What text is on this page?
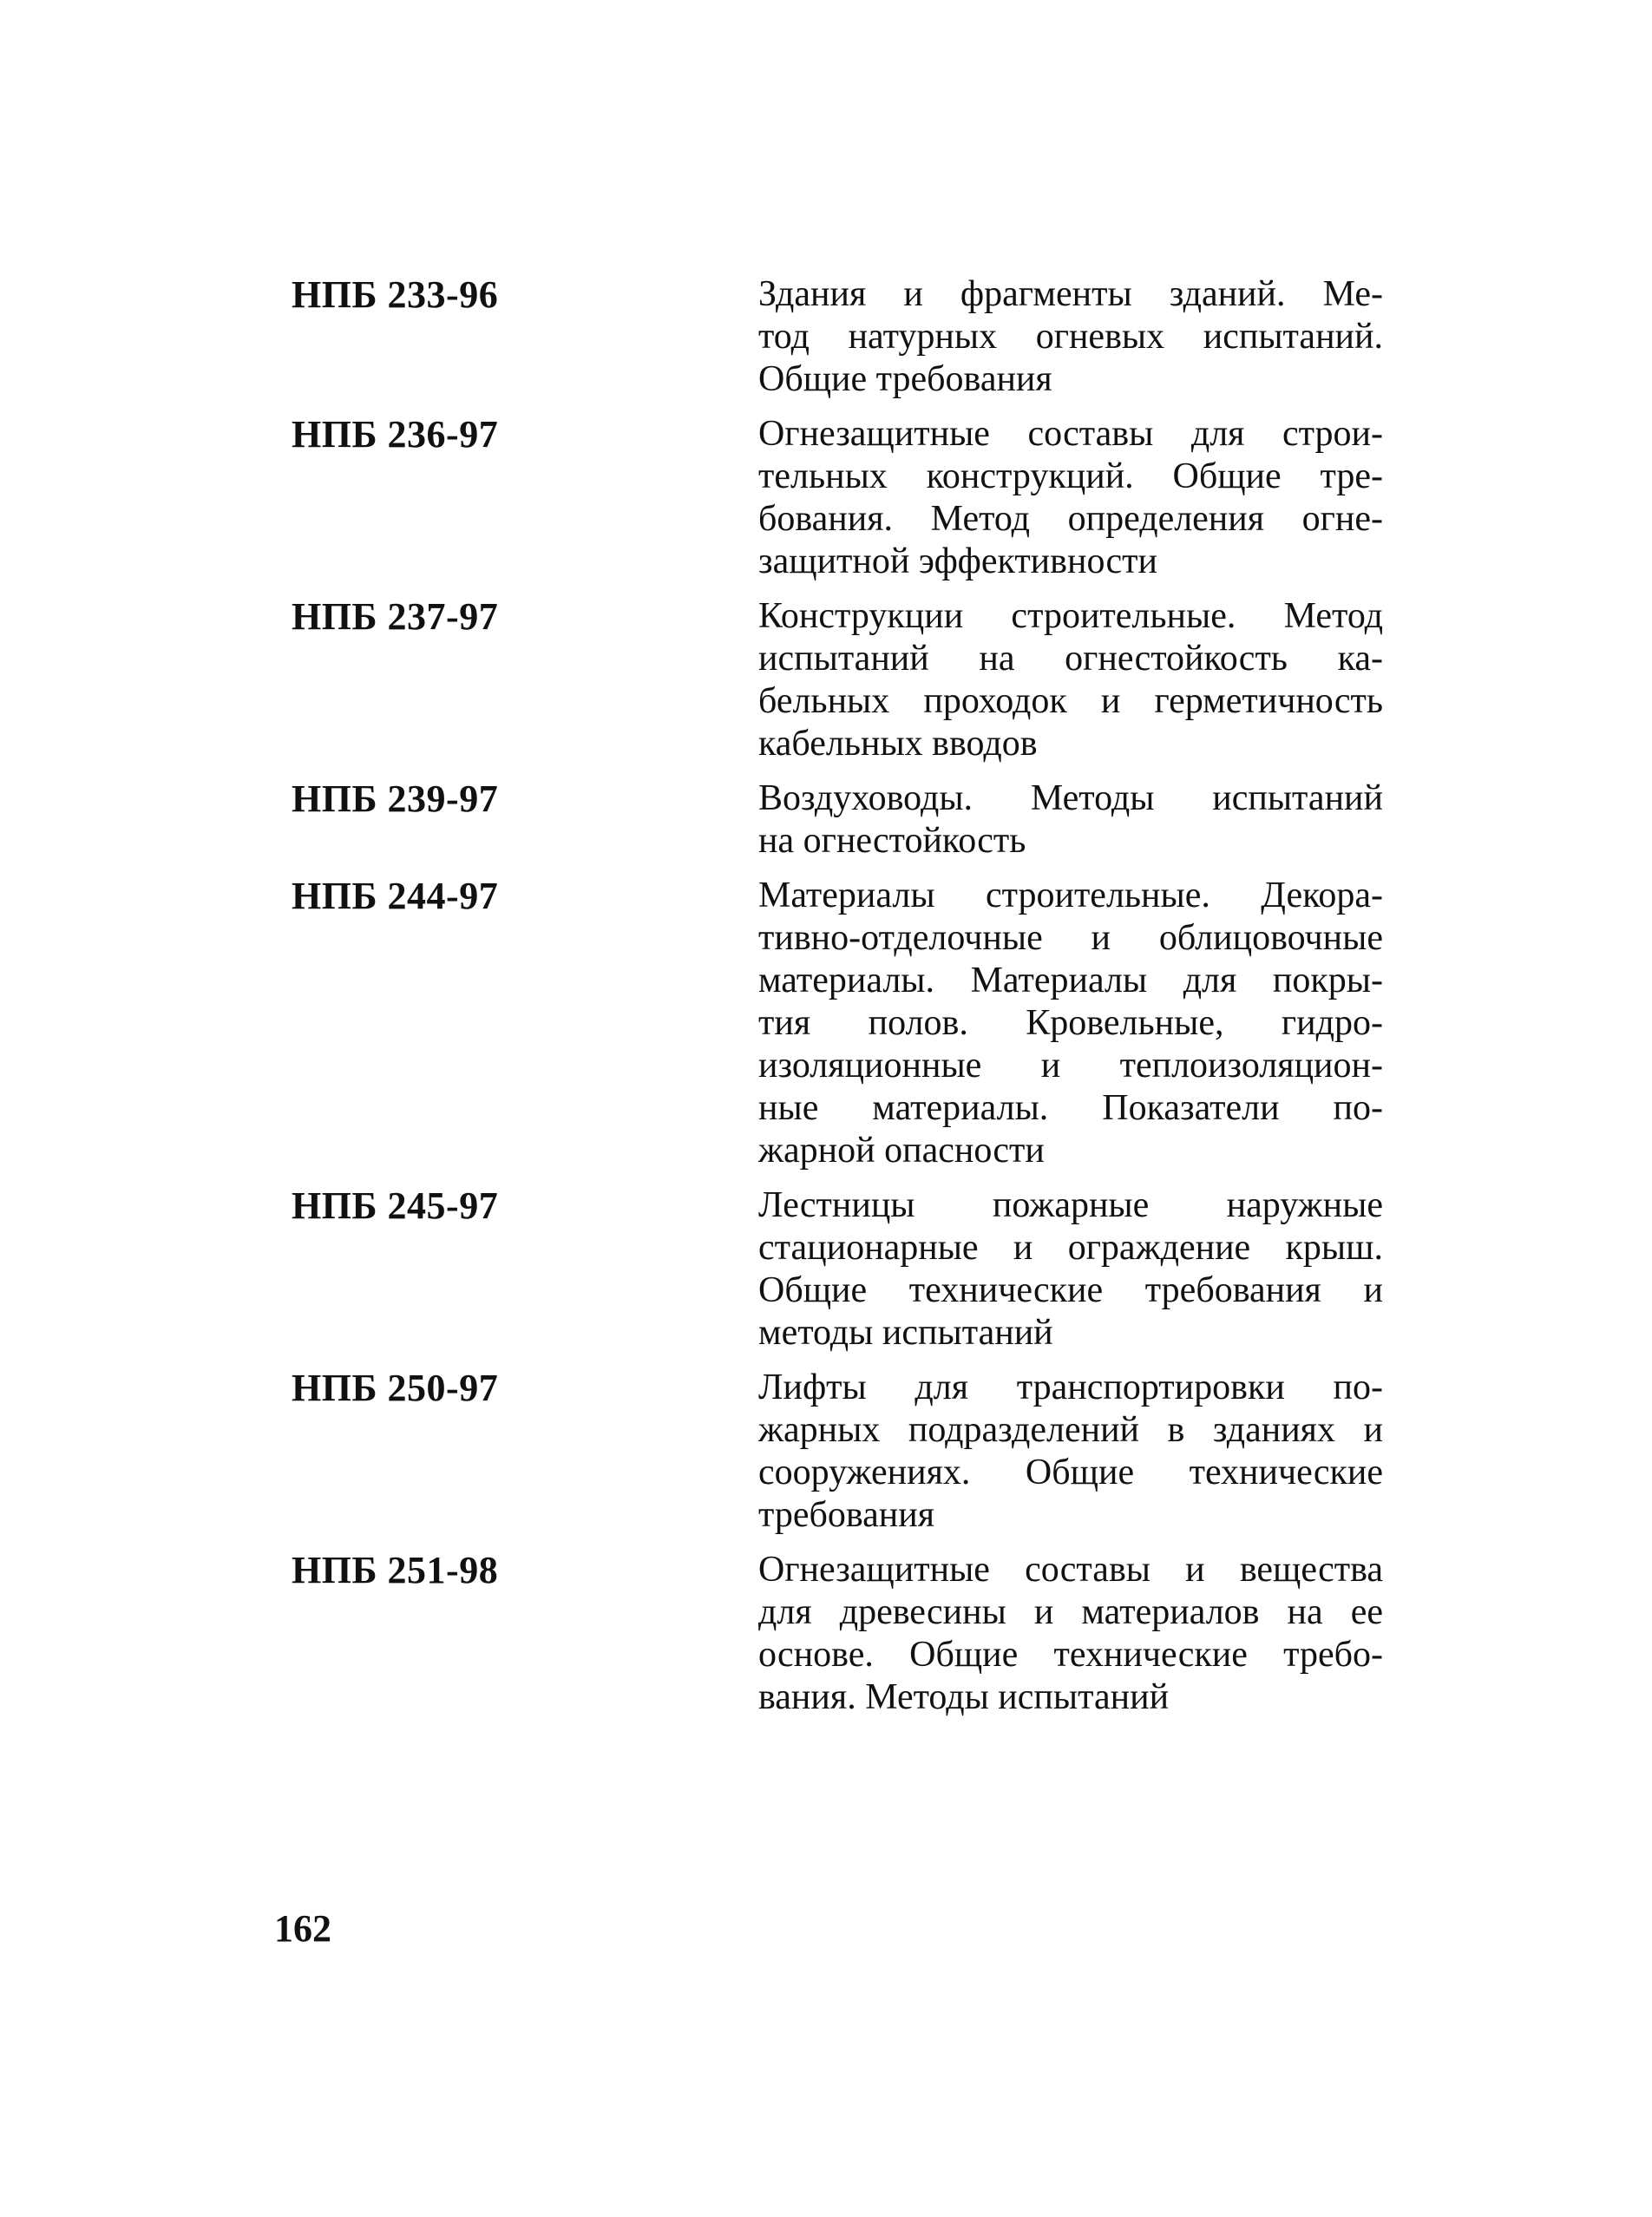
НПБ 233-96	Здания и фрагменты зданий. Ме-
тод натурных огневых испытаний.
Общие требования
НПБ 236-97	Огнезащитные составы для строи-
тельных конструкций. Общие тре-
бования. Метод определения огне-
защитной эффективности
НПБ 237-97	Конструкции строительные. Метод
испытаний на огнестойкость ка-
бельных проходок и герметичность
кабельных вводов
НПБ 239-97	Воздуховоды. Методы испытаний
на огнестойкость
НПБ 244-97	Материалы строительные. Декора-
тивно-отделочные и облицовочные
материалы. Материалы для покры-
тия полов. Кровельные, гидро-
изоляционные и теплоизоляцион-
ные материалы. Показатели по-
жарной опасности
НПБ 245-97	Лестницы пожарные наружные
стационарные и ограждение крыш.
Общие технические требования и
методы испытаний
НПБ 250-97	Лифты для транспортировки по-
жарных подразделений в зданиях и
сооружениях. Общие технические
требования
НПБ 251-98	Огнезащитные составы и вещества
для древесины и материалов на ее
основе. Общие технические требо-
вания. Методы испытаний
162
